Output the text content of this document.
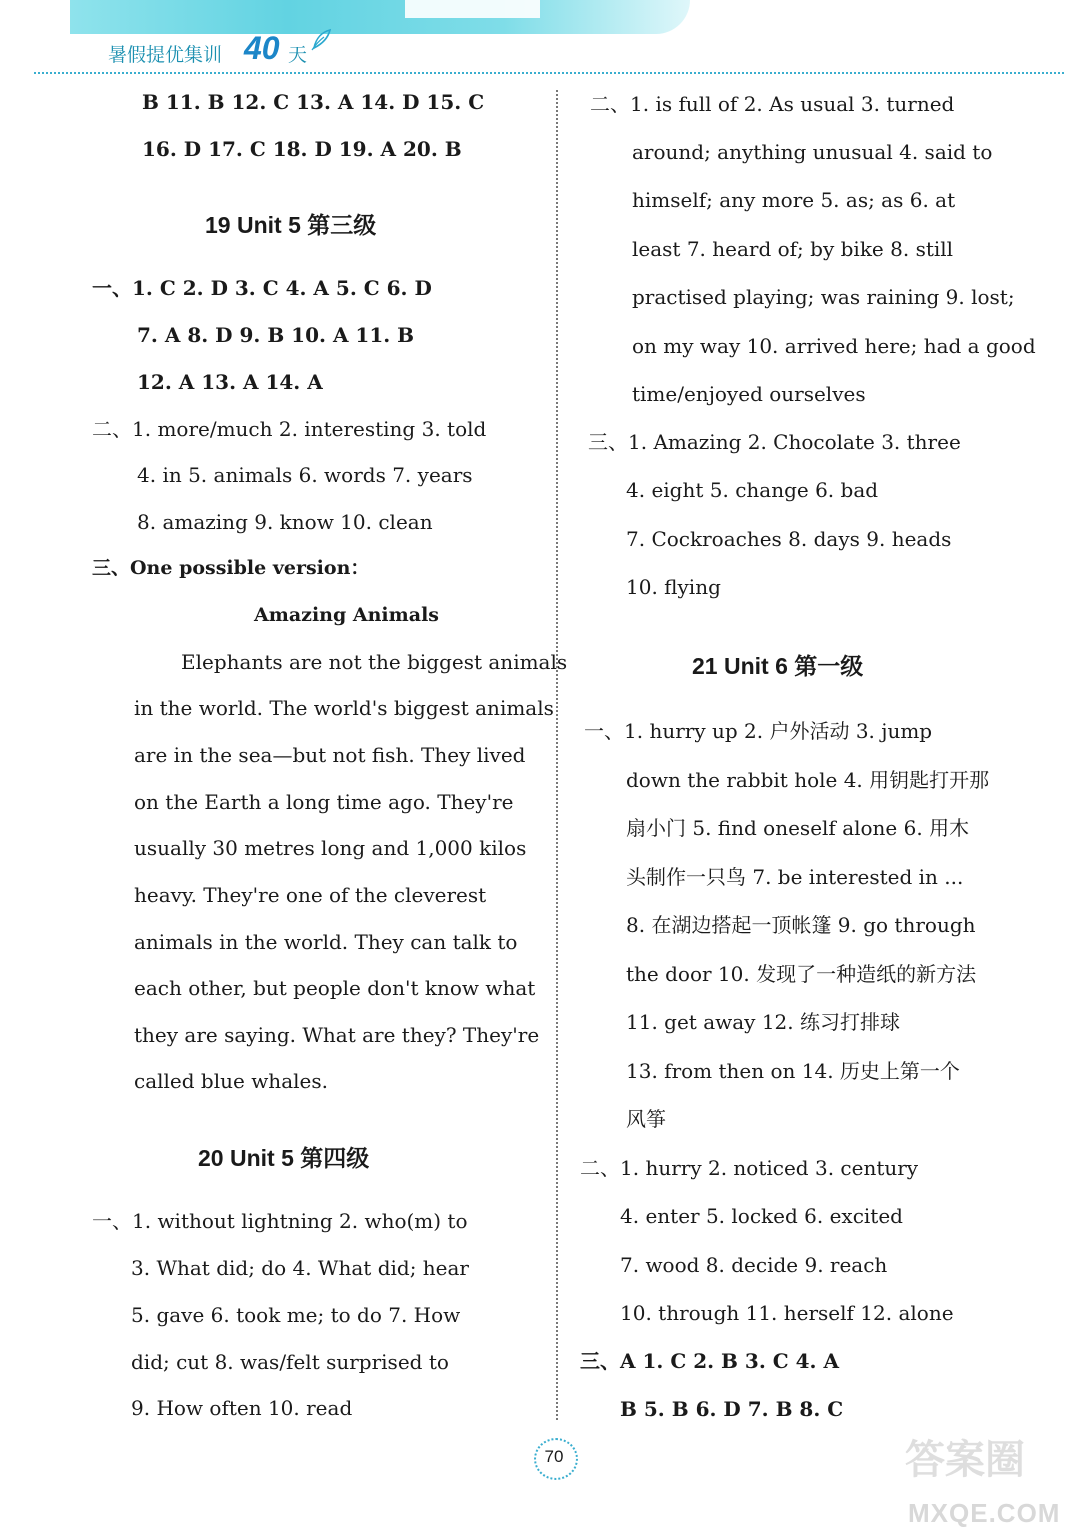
暑假提优集训 40 天
B 11. B 12. C 13. A 14. D 15. C
16. D 17. C 18. D 19. A 20. B
19 Unit 5 第三级
一、1. C 2. D 3. C 4. A 5. C 6. D
7. A 8. D 9. B 10. A 11. B
12. A 13. A 14. A
二、1. more/much 2. interesting 3. told
4. in 5. animals 6. words 7. years
8. amazing 9. know 10. clean
三、One possible version：
Amazing Animals
Elephants are not the biggest animals
in the world. The world's biggest animals
are in the sea—but not fish. They lived
on the Earth a long time ago. They're
usually 30 metres long and 1,000 kilos
heavy. They're one of the cleverest
animals in the world. They can talk to
each other, but people don't know what
they are saying. What are they? They're
called blue whales.
20 Unit 5 第四级
一、1. without lightning 2. who(m) to
3. What did; do 4. What did; hear
5. gave 6. took me; to do 7. How
did; cut 8. was/felt surprised to
9. How often 10. read
二、1. is full of 2. As usual 3. turned
around; anything unusual 4. said to
himself; any more 5. as; as 6. at
least 7. heard of; by bike 8. still
practised playing; was raining 9. lost;
on my way 10. arrived here; had a good
time/enjoyed ourselves
三、1. Amazing 2. Chocolate 3. three
4. eight 5. change 6. bad
7. Cockroaches 8. days 9. heads
10. flying
21 Unit 6 第一级
一、1. hurry up 2. 户外活动 3. jump
down the rabbit hole 4. 用钥匙打开那
扇小门 5. find oneself alone 6. 用木
头制作一只鸟 7. be interested in ...
8. 在湖边搭起一顶帐篷 9. go through
the door 10. 发现了一种造纸的新方法
11. get away 12. 练习打排球
13. from then on 14. 历史上第一个
风筝
二、1. hurry 2. noticed 3. century
4. enter 5. locked 6. excited
7. wood 8. decide 9. reach
10. through 11. herself 12. alone
三、A 1. C 2. B 3. C 4. A
B 5. B 6. D 7. B 8. C
70	答案圈
MXQE.COM
